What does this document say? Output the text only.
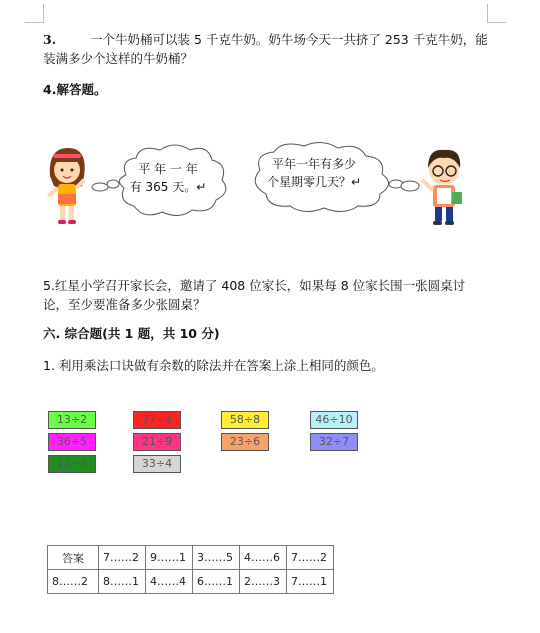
3.	一个牛奶桶可以装 5 千克牛奶。奶牛场今天一共挤了 253 千克牛奶，能
装满多少个这样的牛奶桶？
4.解答题。
平 年 一 年
有 365 天。↵
平年一年有多少
个星期零几天？↵
5.红星小学召开家长会，邀请了 408 位家长，如果每 8 位家长围一张圆桌讨
论，至少要准备多少张圆桌？
六. 综合题(共 1 题，共 10 分)
1. 利用乘法口诀做有余数的除法并在答案上涂上相同的颜色。
13÷2	37÷4	58÷8	46÷10
36÷5	21÷9	23÷6	32÷7
22÷3	33÷4
答案	7……2	9……1	3……5	4……6	7……2
8……2	8……1	4……4	6……1	2……3	7……1
